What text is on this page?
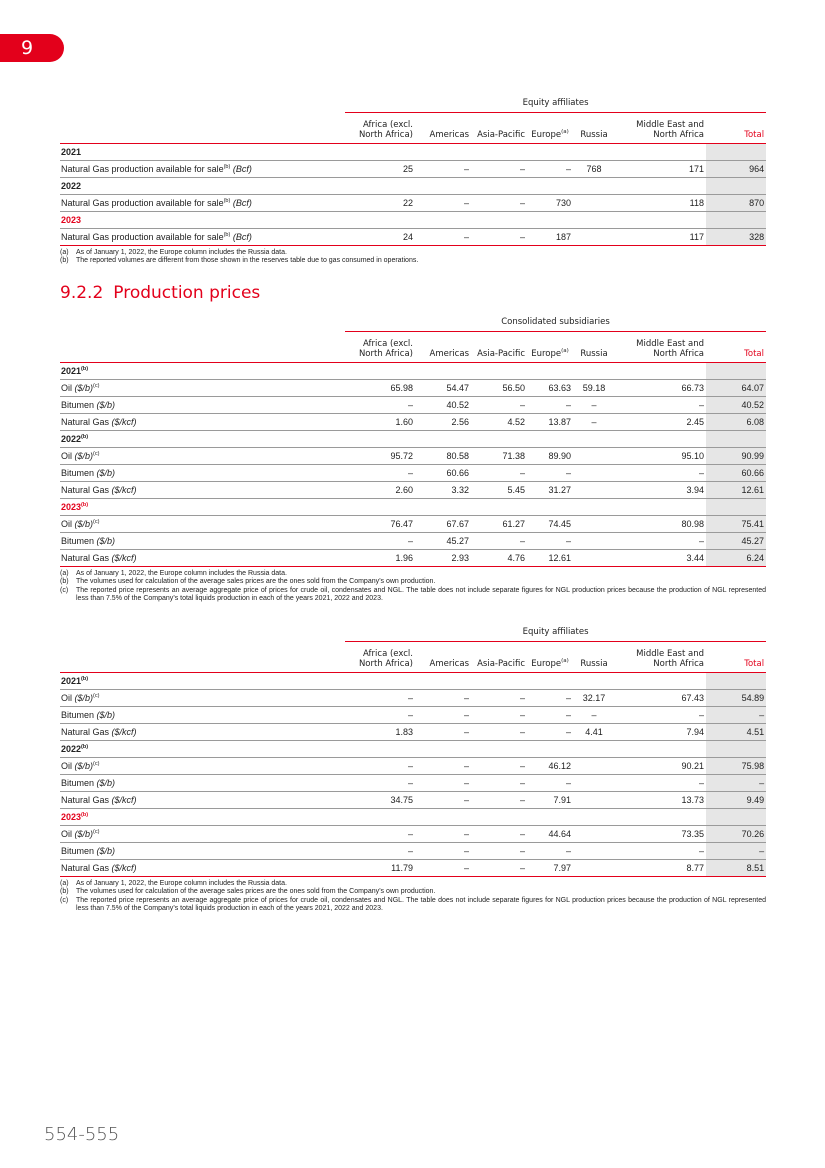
9
	Equity affiliates						
	Africa (excl. North Africa)	Americas	Asia-Pacific	Europe$^{(a)}$	Russia	Middle East and North Africa	Total
2021							
Natural Gas production available for sale$^{(b)}$ (Bcf)	25	–	–	–	768	171	964
2022							
Natural Gas production available for sale$^{(b)}$ (Bcf)	22	–	–	730		118	870
2023							
Natural Gas production available for sale$^{(b)}$ (Bcf)	24	–	–	187		117	328
(a)	As of January 1, 2022, the Europe column includes the Russia data.
(b)	The reported volumes are different from those shown in the reserves table due to gas consumed in operations.
9.2.2 Production prices
	Consolidated subsidiaries						
	Africa (excl. North Africa)	Americas	Asia-Pacific	Europe$^{(a)}$	Russia	Middle East and North Africa	Total
2021$^{(b)}$	
Oil ($/b)$^{(c)}$	65.98	54.47	56.50	63.63	59.18	66.73	64.07
Bitumen ($/b)	–	40.52	–	–	–	–	40.52
Natural Gas ($/kcf)	1.60	2.56	4.52	13.87	–	2.45	6.08
2022$^{(b)}$	
Oil ($/b)$^{(c)}$	95.72	80.58	71.38	89.90		95.10	90.99
Bitumen ($/b)	–	60.66	–	–		–	60.66
Natural Gas ($/kcf)	2.60	3.32	5.45	31.27		3.94	12.61
2023$^{(b)}$	
Oil ($/b)$^{(c)}$	76.47	67.67	61.27	74.45		80.98	75.41
Bitumen ($/b)	–	45.27	–	–		–	45.27
Natural Gas ($/kcf)	1.96	2.93	4.76	12.61		3.44	6.24
(a)	As of January 1, 2022, the Europe column includes the Russia data.
(b)	The volumes used for calculation of the average sales prices are the ones sold from the Company’s own production.
(c)	The reported price represents an average aggregate price of prices for crude oil, condensates and NGL. The table does not include separate figures for NGL production prices because the production of NGL represented less than 7.5% of the Company’s total liquids production in each of the years 2021, 2022 and 2023.
	Equity affiliates						
	Africa (excl. North Africa)	Americas	Asia-Pacific	Europe$^{(a)}$	Russia	Middle East and North Africa	Total
2021$^{(b)}$	
Oil ($/b)$^{(c)}$	–	–	–	–	32.17	67.43	54.89
Bitumen ($/b)	–	–	–	–	–	–	–
Natural Gas ($/kcf)	1.83	–	–	–	4.41	7.94	4.51
2022$^{(b)}$	
Oil ($/b)$^{(c)}$	–	–	–	46.12		90.21	75.98
Bitumen ($/b)	–	–	–	–		–	–
Natural Gas ($/kcf)	34.75	–	–	7.91		13.73	9.49
2023$^{(b)}$	
Oil ($/b)$^{(c)}$	–	–	–	44.64		73.35	70.26
Bitumen ($/b)	–	–	–	–		–	–
Natural Gas ($/kcf)	11.79	–	–	7.97		8.77	8.51
(a)	As of January 1, 2022, the Europe column includes the Russia data.
(b)	The volumes used for calculation of the average sales prices are the ones sold from the Company’s own production.
(c)	The reported price represents an average aggregate price of prices for crude oil, condensates and NGL. The table does not include separate figures for NGL production prices because the production of NGL represented less than 7.5% of the Company’s total liquids production in each of the years 2021, 2022 and 2023.
554-555
